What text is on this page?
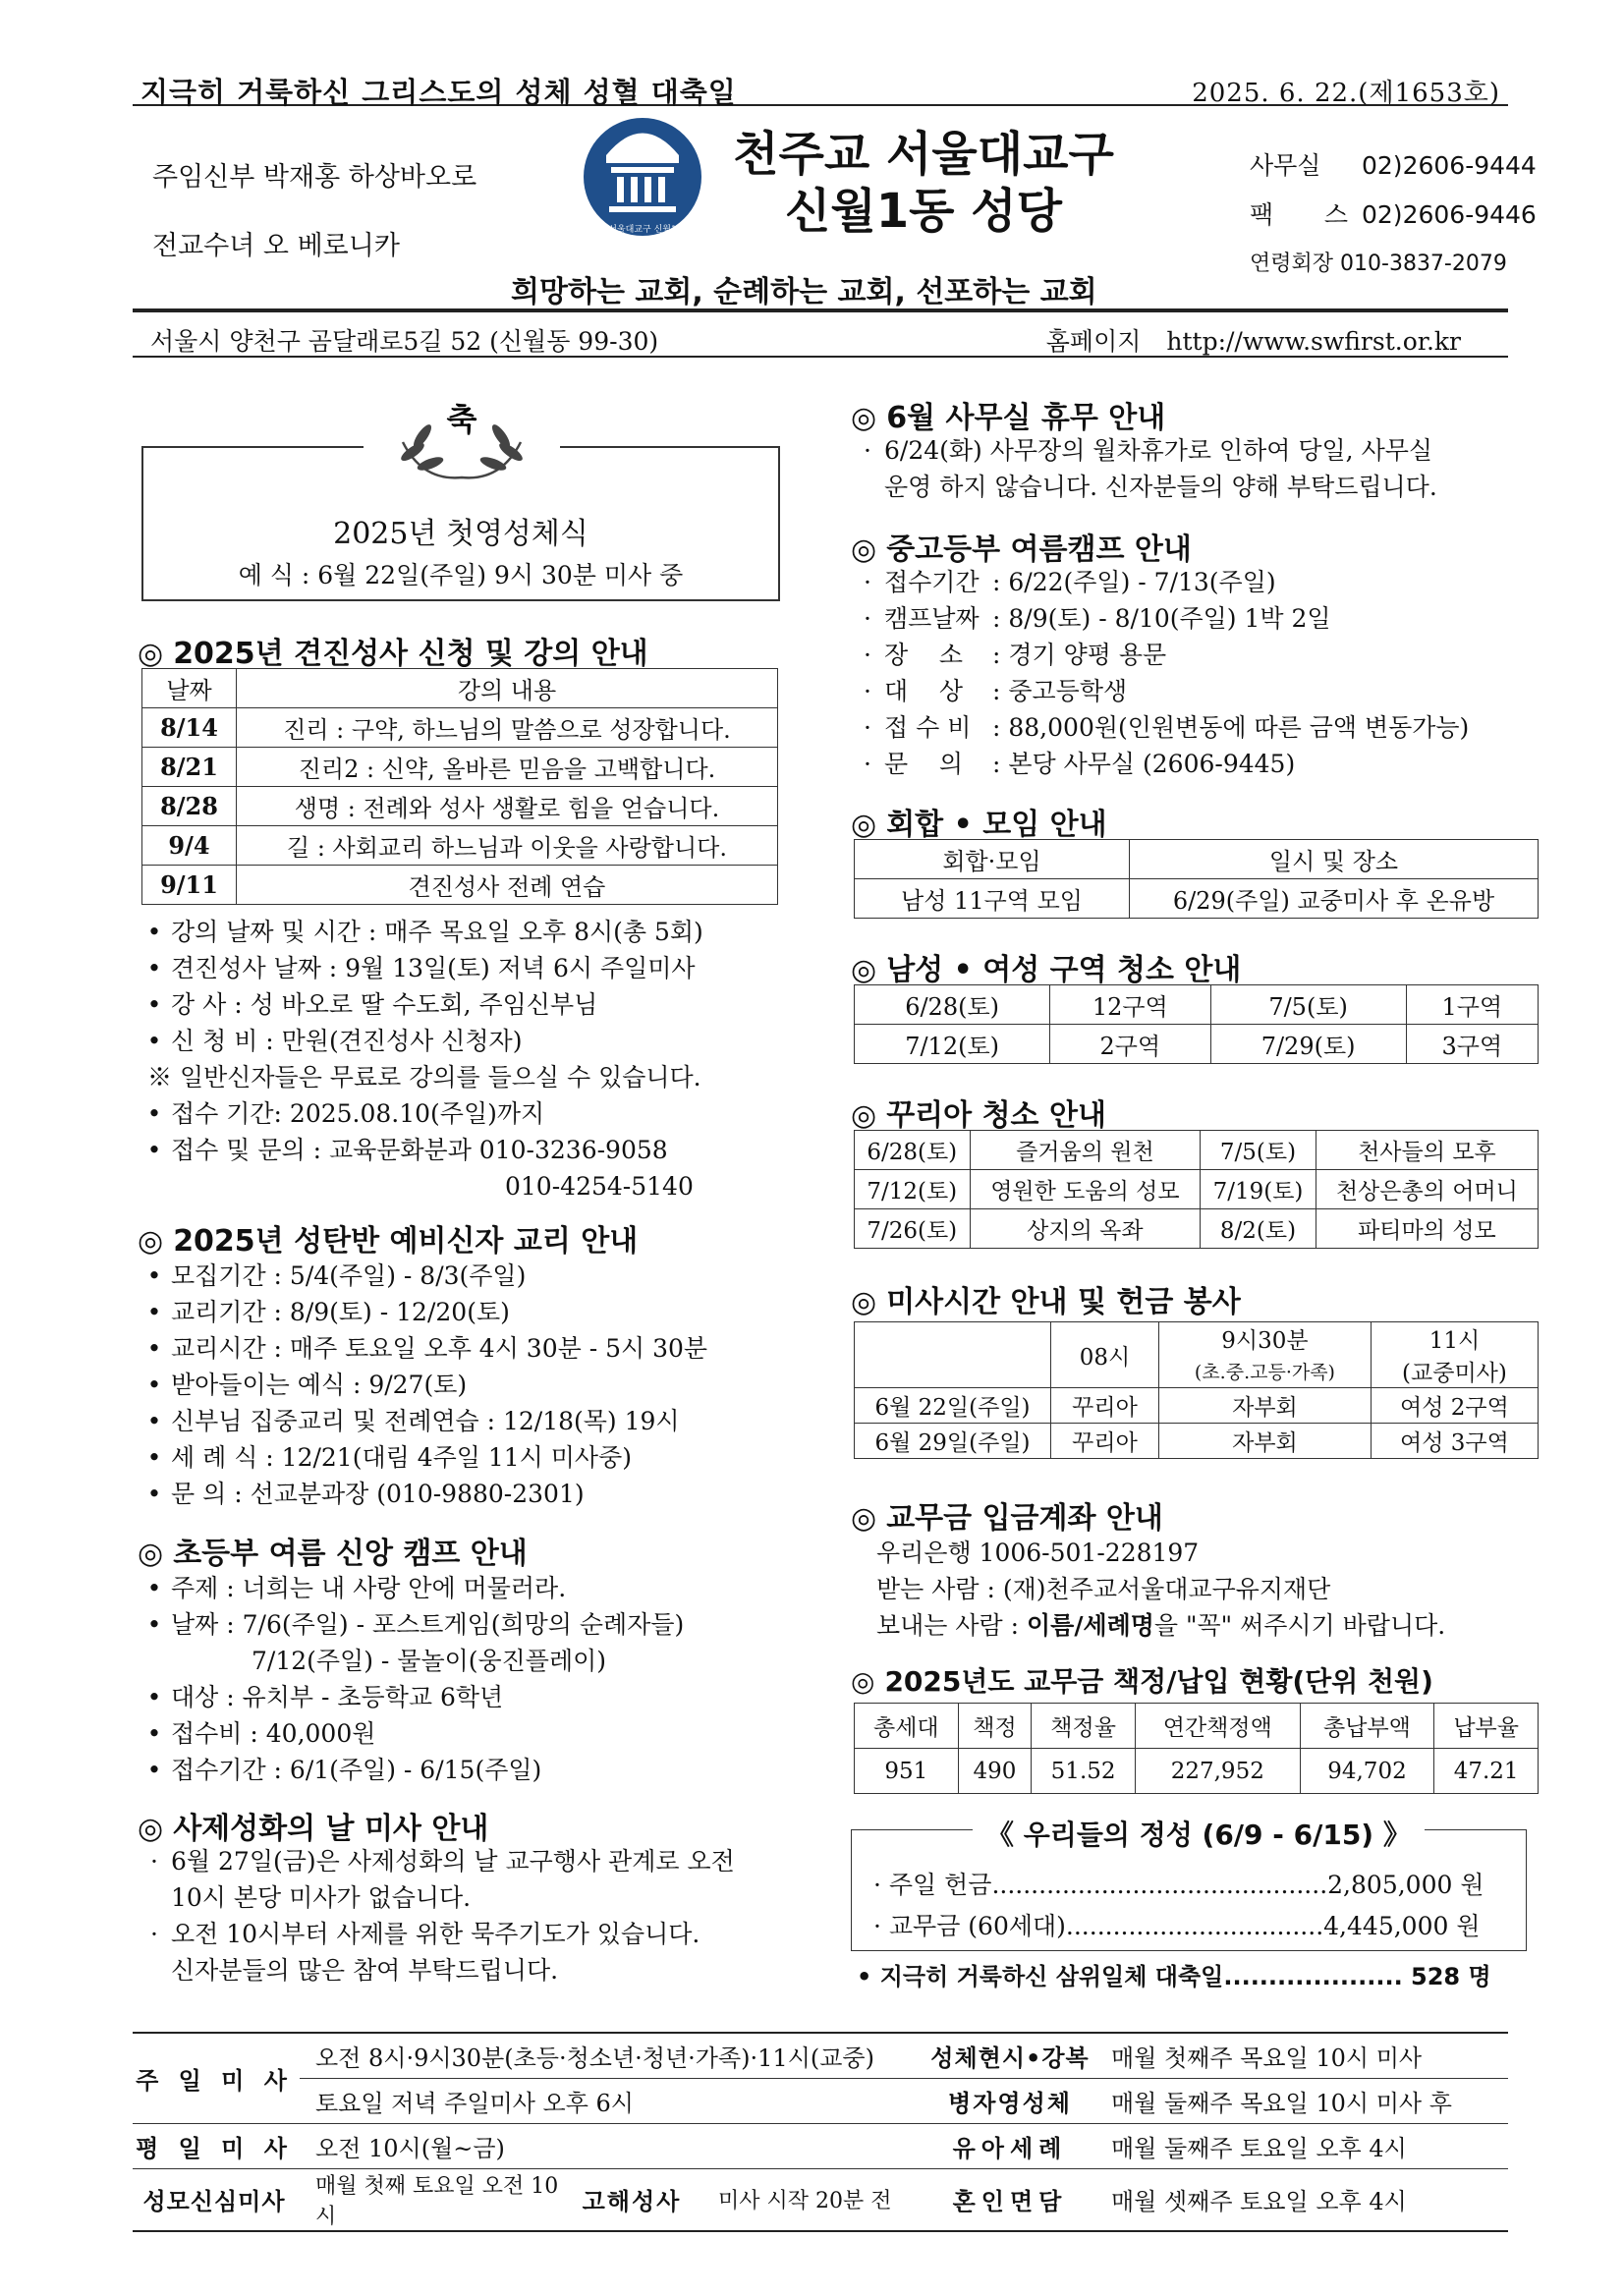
지극히 거룩하신 그리스도의 성체 성혈 대축일	2025. 6. 22.(제1653호)
주임신부 박재홍 하상바오로
전교수녀 오 베로니카
천주교서울대교구 신월1동성당
천주교 서울대교구
신월1동 성당
사무실 02)2606-9444
팩 스 02)2606-9446
연령회장 010-3837-2079
희망하는 교회, 순례하는 교회, 선포하는 교회
서울시 양천구 곰달래로5길 52 (신월동 99-30)	홈페이지 http://www.swfirst.or.kr
2025년 첫영성체식
예 식 : 6월 22일(주일) 9시 30분 미사 중
축
◎ 2025년 견진성사 신청 및 강의 안내
날짜	강의 내용
8/14	진리 : 구약, 하느님의 말씀으로 성장합니다.
8/21	진리2 : 신약, 올바른 믿음을 고백합니다.
8/28	생명 : 전례와 성사 생활로 힘을 얻습니다.
9/4	길 : 사회교리 하느님과 이웃을 사랑합니다.
9/11	견진성사 전례 연습
• 강의 날짜 및 시간 : 매주 목요일 오후 8시(총 5회)
• 견진성사 날짜 : 9월 13일(토) 저녁 6시 주일미사
• 강 사 : 성 바오로 딸 수도회, 주임신부님
• 신 청 비 : 만원(견진성사 신청자)
※ 일반신자들은 무료로 강의를 들으실 수 있습니다.
• 접수 기간: 2025.08.10(주일)까지
• 접수 및 문의 : 교육문화분과 010-3236-9058
010-4254-5140
◎ 2025년 성탄반 예비신자 교리 안내
• 모집기간 : 5/4(주일) - 8/3(주일)
• 교리기간 : 8/9(토) - 12/20(토)
• 교리시간 : 매주 토요일 오후 4시 30분 - 5시 30분
• 받아들이는 예식 : 9/27(토)
• 신부님 집중교리 및 전례연습 : 12/18(목) 19시
• 세 례 식 : 12/21(대림 4주일 11시 미사중)
• 문 의 : 선교분과장 (010-9880-2301)
◎ 초등부 여름 신앙 캠프 안내
• 주제 : 너희는 내 사랑 안에 머물러라.
• 날짜 : 7/6(주일) - 포스트게임(희망의 순례자들)
7/12(주일) - 물놀이(웅진플레이)
• 대상 : 유치부 - 초등학교 6학년
• 접수비 : 40,000원
• 접수기간 : 6/1(주일) - 6/15(주일)
◎ 사제성화의 날 미사 안내
· 6월 27일(금)은 사제성화의 날 교구행사 관계로 오전
10시 본당 미사가 없습니다.
· 오전 10시부터 사제를 위한 묵주기도가 있습니다.
신자분들의 많은 참여 부탁드립니다.
◎ 6월 사무실 휴무 안내
· 6/24(화) 사무장의 월차휴가로 인하여 당일, 사무실
운영 하지 않습니다. 신자분들의 양해 부탁드립니다.
◎ 중고등부 여름캠프 안내
· 접수기간 : 6/22(주일) - 7/13(주일)
· 캠프날짜 : 8/9(토) - 8/10(주일) 1박 2일
· 장    소 : 경기 양평 용문
· 대    상 : 중고등학생
· 접 수 비 : 88,000원(인원변동에 따른 금액 변동가능)
· 문    의 : 본당 사무실 (2606-9445)
◎ 회합 • 모임 안내
회합·모임	일시 및 장소
남성 11구역 모임	6/29(주일) 교중미사 후 온유방
◎ 남성 • 여성 구역 청소 안내
6/28(토)	12구역	7/5(토)	1구역
7/12(토)	2구역	7/29(토)	3구역
◎ 꾸리아 청소 안내
6/28(토)	즐거움의 원천	7/5(토)	천사들의 모후
7/12(토)	영원한 도움의 성모	7/19(토)	천상은총의 어머니
7/26(토)	상지의 옥좌	8/2(토)	파티마의 성모
◎ 미사시간 안내 및 헌금 봉사
	08시	9시30분	11시
		(초.중.고등·가족)	(교중미사)
6월 22일(주일)	꾸리아	자부회	여성 2구역
6월 29일(주일)	꾸리아	자부회	여성 3구역
◎ 교무금 입금계좌 안내
우리은행 1006-501-228197
받는 사람 : (재)천주교서울대교구유지재단
보내는 사람 : 이름/세례명을 "꼭" 써주시기 바랍니다.
◎ 2025년도 교무금 책정/납입 현황(단위 천원)
총세대	책정	책정율	연간책정액	총납부액	납부율
951	490	51.52	227,952	94,702	47.21
· 주일 헌금...........................................2,805,000 원
· 교무금 (60세대).................................4,445,000 원
《 우리들의 정성 (6/9 - 6/15) 》
• 지극히 거룩하신 삼위일체 대축일.................... 528 명
주 일 미 사	오전 8시·9시30분(초등·청소년·청년·가족)·11시(교중)			성체현시•강복	매월 첫째주 목요일 10시 미사
	토요일 저녁 주일미사 오후 6시			병자영성체	매월 둘째주 목요일 10시 미사 후
평 일 미 사	오전 10시(월~금)			유아세례	매월 둘째주 토요일 오후 4시
성모신심미사	매월 첫째 토요일 오전 10시	고해성사	미사 시작 20분 전	혼인면담	매월 셋째주 토요일 오후 4시
